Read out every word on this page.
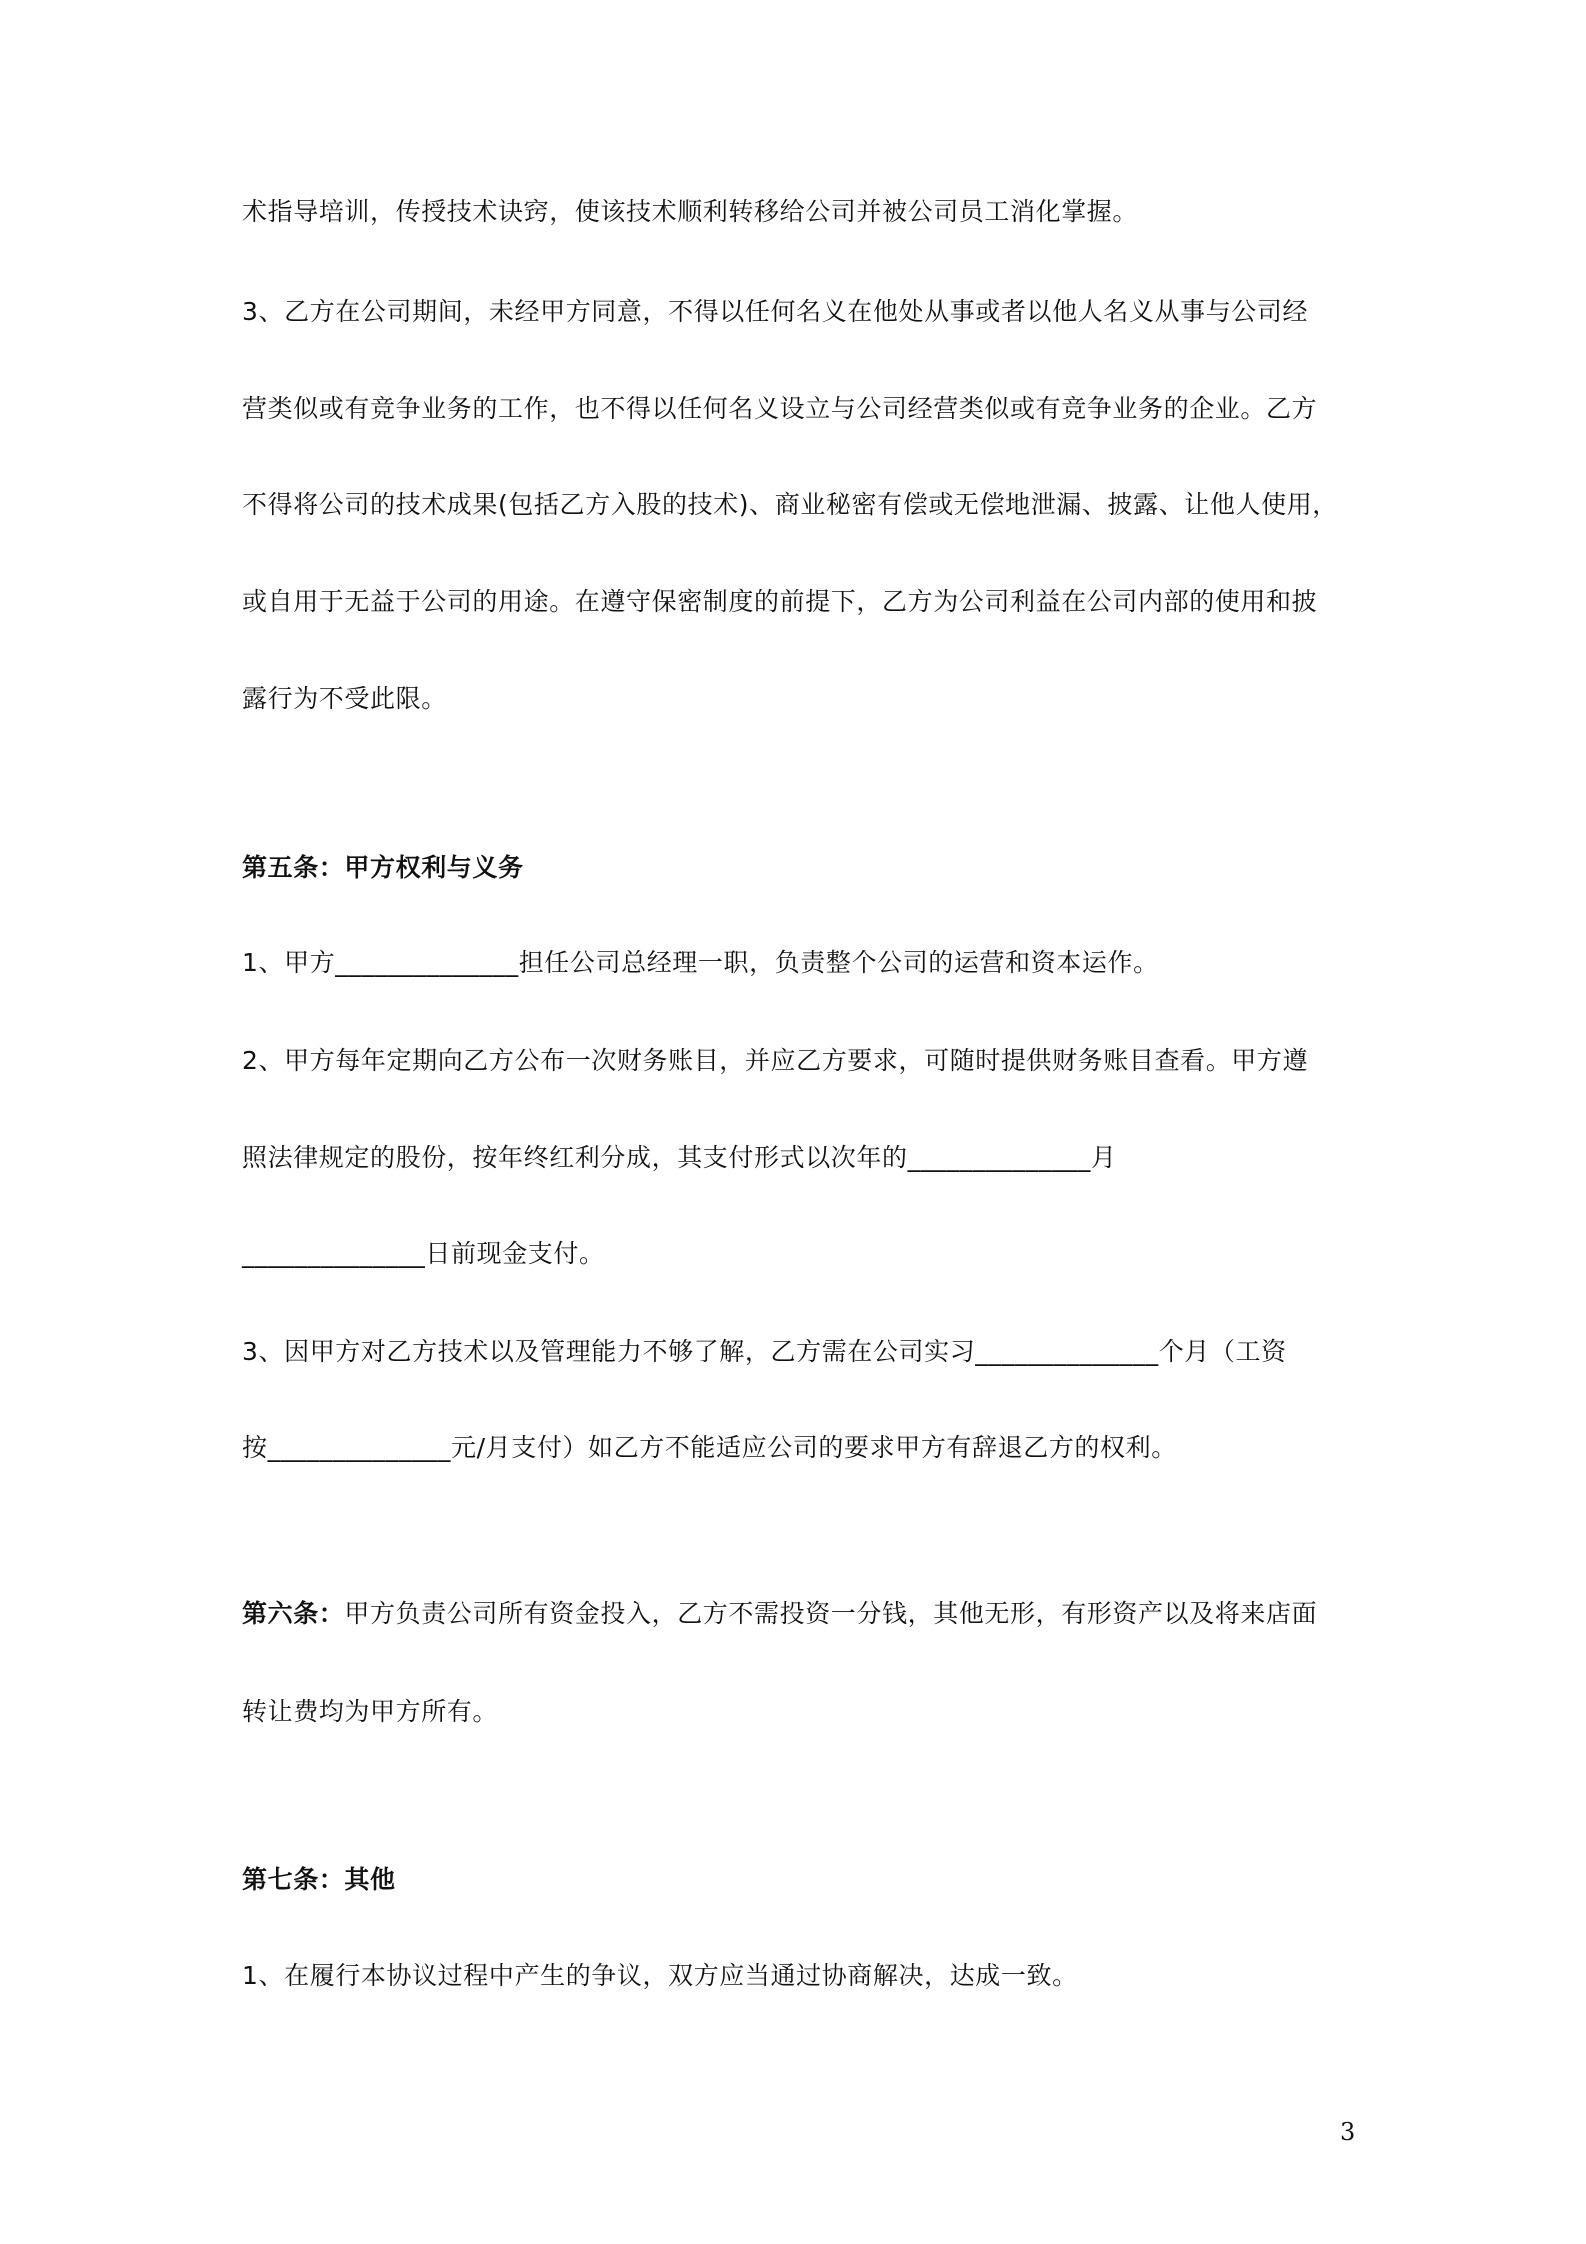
术指导培训，传授技术诀窍，使该技术顺利转移给公司并被公司员工消化掌握。
3、乙方在公司期间，未经甲方同意，不得以任何名义在他处从事或者以他人名义从事与公司经
营类似或有竞争业务的工作，也不得以任何名义设立与公司经营类似或有竞争业务的企业。乙方
不得将公司的技术成果(包括乙方入股的技术)、商业秘密有偿或无偿地泄漏、披露、让他人使用，
或自用于无益于公司的用途。在遵守保密制度的前提下，乙方为公司利益在公司内部的使用和披
露行为不受此限。
第五条：甲方权利与义务
1、甲方______________担任公司总经理一职，负责整个公司的运营和资本运作。
2、甲方每年定期向乙方公布一次财务账目，并应乙方要求，可随时提供财务账目查看。甲方遵
照法律规定的股份，按年终红利分成，其支付形式以次年的______________月
______________日前现金支付。
3、因甲方对乙方技术以及管理能力不够了解，乙方需在公司实习______________个月（工资
按______________元/月支付）如乙方不能适应公司的要求甲方有辞退乙方的权利。
第六条：甲方负责公司所有资金投入，乙方不需投资一分钱，其他无形，有形资产以及将来店面
转让费均为甲方所有。
第七条：其他
1、在履行本协议过程中产生的争议，双方应当通过协商解决，达成一致。
3
